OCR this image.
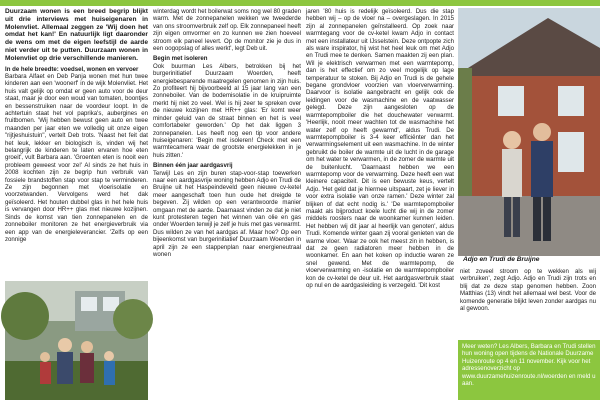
Duurzaam wonen is een breed begrip blijkt uit drie interviews met huiseigenaren in Molenvliet. Allemaal zeggen ze 'Wij doen het omdat het kan!' En natuurlijk ligt daaronder de wens om met de eigen leefstijl de aarde niet verder uit te putten. Duurzaam wonen in Molenvliet op drie verschillende manieren.

In de hele breedte: voedsel, wonen en vervoer

Barbara Alfaet en Deb Panja wonen met hun twee kinderen aan een 'woonerf' in de wijk Molenvliet. Het huis valt gelijk op omdat er geen auto voor de deur staat, maar je door een woud van tomaten, boontjes en bessenstruiken naar de voordeur loopt. In de achtertuin staat het vol paprika's, aubergines en fruitbomen. 'Wij hebben bewust geen auto en twee maanden per jaar eten we volledig uit onze eigen "rijtjeshuistuin", vertelt Deb trots. 'Naast het feit dat het leuk, lekker en biologisch is, vinden wij het belangrijk de kinderen te laten ervaren hoe eten groeit', vult Barbara aan. 'Groenten eten is nooit een probleem geweest voor ze!' Al sinds ze het huis in 2008 kochten zijn ze begrip hun verbruik van fossiele brandstoffen stap voor stap te verminderen. Ze zijn begonnen met vloerisolatie en voorzetwanden. Vervolgens werd het dak geïsoleerd. Het houten dubbel glas in het hele huis is vervangen door HR++ glas met nieuwe kozijnen. Sinds de komst van tien zonnepanelen en de zonneboiler monitoren ze het energieverbruik via een app van de energieleverancier. 'Zelfs op een zonnige

winterdag wordt het boilerwat soms nog wel 80 graden warm. Met de zonnepanelen wekken we tweederde van ons stroomverbruik zelf op. Elk zonnepaneel heeft zijn eigen omvormer en zo kunnen we zien hoeveel stroom elk paneel levert. Op de monitor zie je dus in een oogopslag of alles werkt', legt Deb uit.

Begin met isoleren

Ook buurman Les Albers, betrokken bij het burgerinitiatief Duurzaam Woerden, heeft energiebesparende maatregelen genomen in zijn huis. Zo profiteert hij bijvoorbeeld al 15 jaar lang van een zonneboiler. Van de bodemisolatie in de kruipruimte merkt hij niet zo veel. Wel is hij zeer te spreken over de nieuwe kozijnen met HR++ glas: 'Er komt weer minder geluid van de straat binnen en het is veel comfortabeler geworden.' Op het dak liggen 3 zonnepanelen. Les heeft nog een tip voor andere huiseigenaren: 'Begin met isoleren! Check met een warmtecamera waar de grootste energielekken in je huis zitten.'

Binnen één jaar aardgasvrij

Terwijl Les en zijn buren stap-voor-stap toewerken naar een aardgasvrije woning hebben Adjo en Trudi de Bruijne uit het Haspeindeveld geen nieuwe cv-ketel meer aangeschaft toen hun oude het dreigde te begeven. Zij wilden op een verantwoorde manier omgaan met de aarde. Daarnaast vinden ze dat je niet kunt protesteren tegen het winnen van olie en gas onder Woerden terwijl je zelf je huis met gas verwarmt. Dus wilden ze van het aardgas af. Maar hoe? Op een bijeenkomst van burgerinitiatief Duurzaam Woerden in april zijn ze een stappenplan naar energieneutraal wonen

jaren '80 huis is redelijk geïsoleerd. Dus die stap hebben wij – op de vloer na – overgeslagen. In 2015 zijn al zonnepanelen geïnstalleerd. Op zoek naar warmtegang voor de cv-ketel kwam Adjo in contact met een installateur uit IJsselstein. Deze ontpopte zich als ware inspirator, hij wist het heel leuk om met Adjo en Trudi mee te denken. Samen maakten zij een plan. Wil je elektrisch verwarmen met een warmtepomp, dan is het effectief om zo veel mogelijk op lage temperatuur te stoken. Bij Adjo en Trudi is de gehele begane grondvloer voorzien van vloerverwarming. Daarvoor is isolatie aangebracht en gelijk ook de leidingen voor de wasmachine en de vaatwasser gelegd. Deze zijn aangesloten op de warmtepompboiler die het douchewater verwarmt. 'Heerlijk, nooit meer wachten tot de wasmachine het water zelf op heeft gewarmd', aldus Trudi. De warmtepompboiler is 3-4 keer efficiënter dan het verwarmingselement uit een wasmachine. In de winter gebruikt de boiler de warmte uit de lucht in de garage om het water te verwarmen, in de zomer de warmte uit de buitenlucht. 'Daarnaast hebben we een warmtepomp voor de verwarming. Deze heeft een wat kleinere capaciteit. Dit is een bewuste keus, vertelt Adjo. 'Het geld dat je hiermee uitspaart, zet je liever in voor extra isolatie van onze ramen.' Deze winter zal blijken of dat echt nodig is.' 'De warmtepompboiler maakt als bijproduct koele lucht die wij in de zomer middels roosters naar de woonkamer kunnen leiden. Het hebben wij dit jaar al heerlijk van genoten', aldus Trudi. Komende winter gaan zij vooral genieten van de warme vloer. 'Waar ze ook het meest zin in hebben, is dat ze geen radiatoren meer hebben in de woonkamer. En aan het koken op inductie waren ze snel gewend. Met de warmtepomp, de vloerverwarming en -isolatie en de warmtepompboiler kon de cv-ketel de deur uit. Het aardgasverbruik staat op nul en de aardgasleiding is verzegeld. 'Dit kost

Adjo en Trudi de Bruijne

niet zoveel stroom op te wekken als wij verbruiken', zegt Adjo. Adjo en Trudi zijn trots en blij dat ze deze stap genomen hebben. Zoon Matthias (13) vindt het allemaal wel best. Voor de komende generatie blijkt leven zonder aardgas nu al gewoon.

Meer weten? Les Albers, Barbara en Trudi stellen hun woning open tijdens de Nationale Duurzame Huizenroute op 4 en 11 november. Kijk voor het adressenoverzicht op www.duurzamehuizenroute.nl/woerden en meld u aan.
